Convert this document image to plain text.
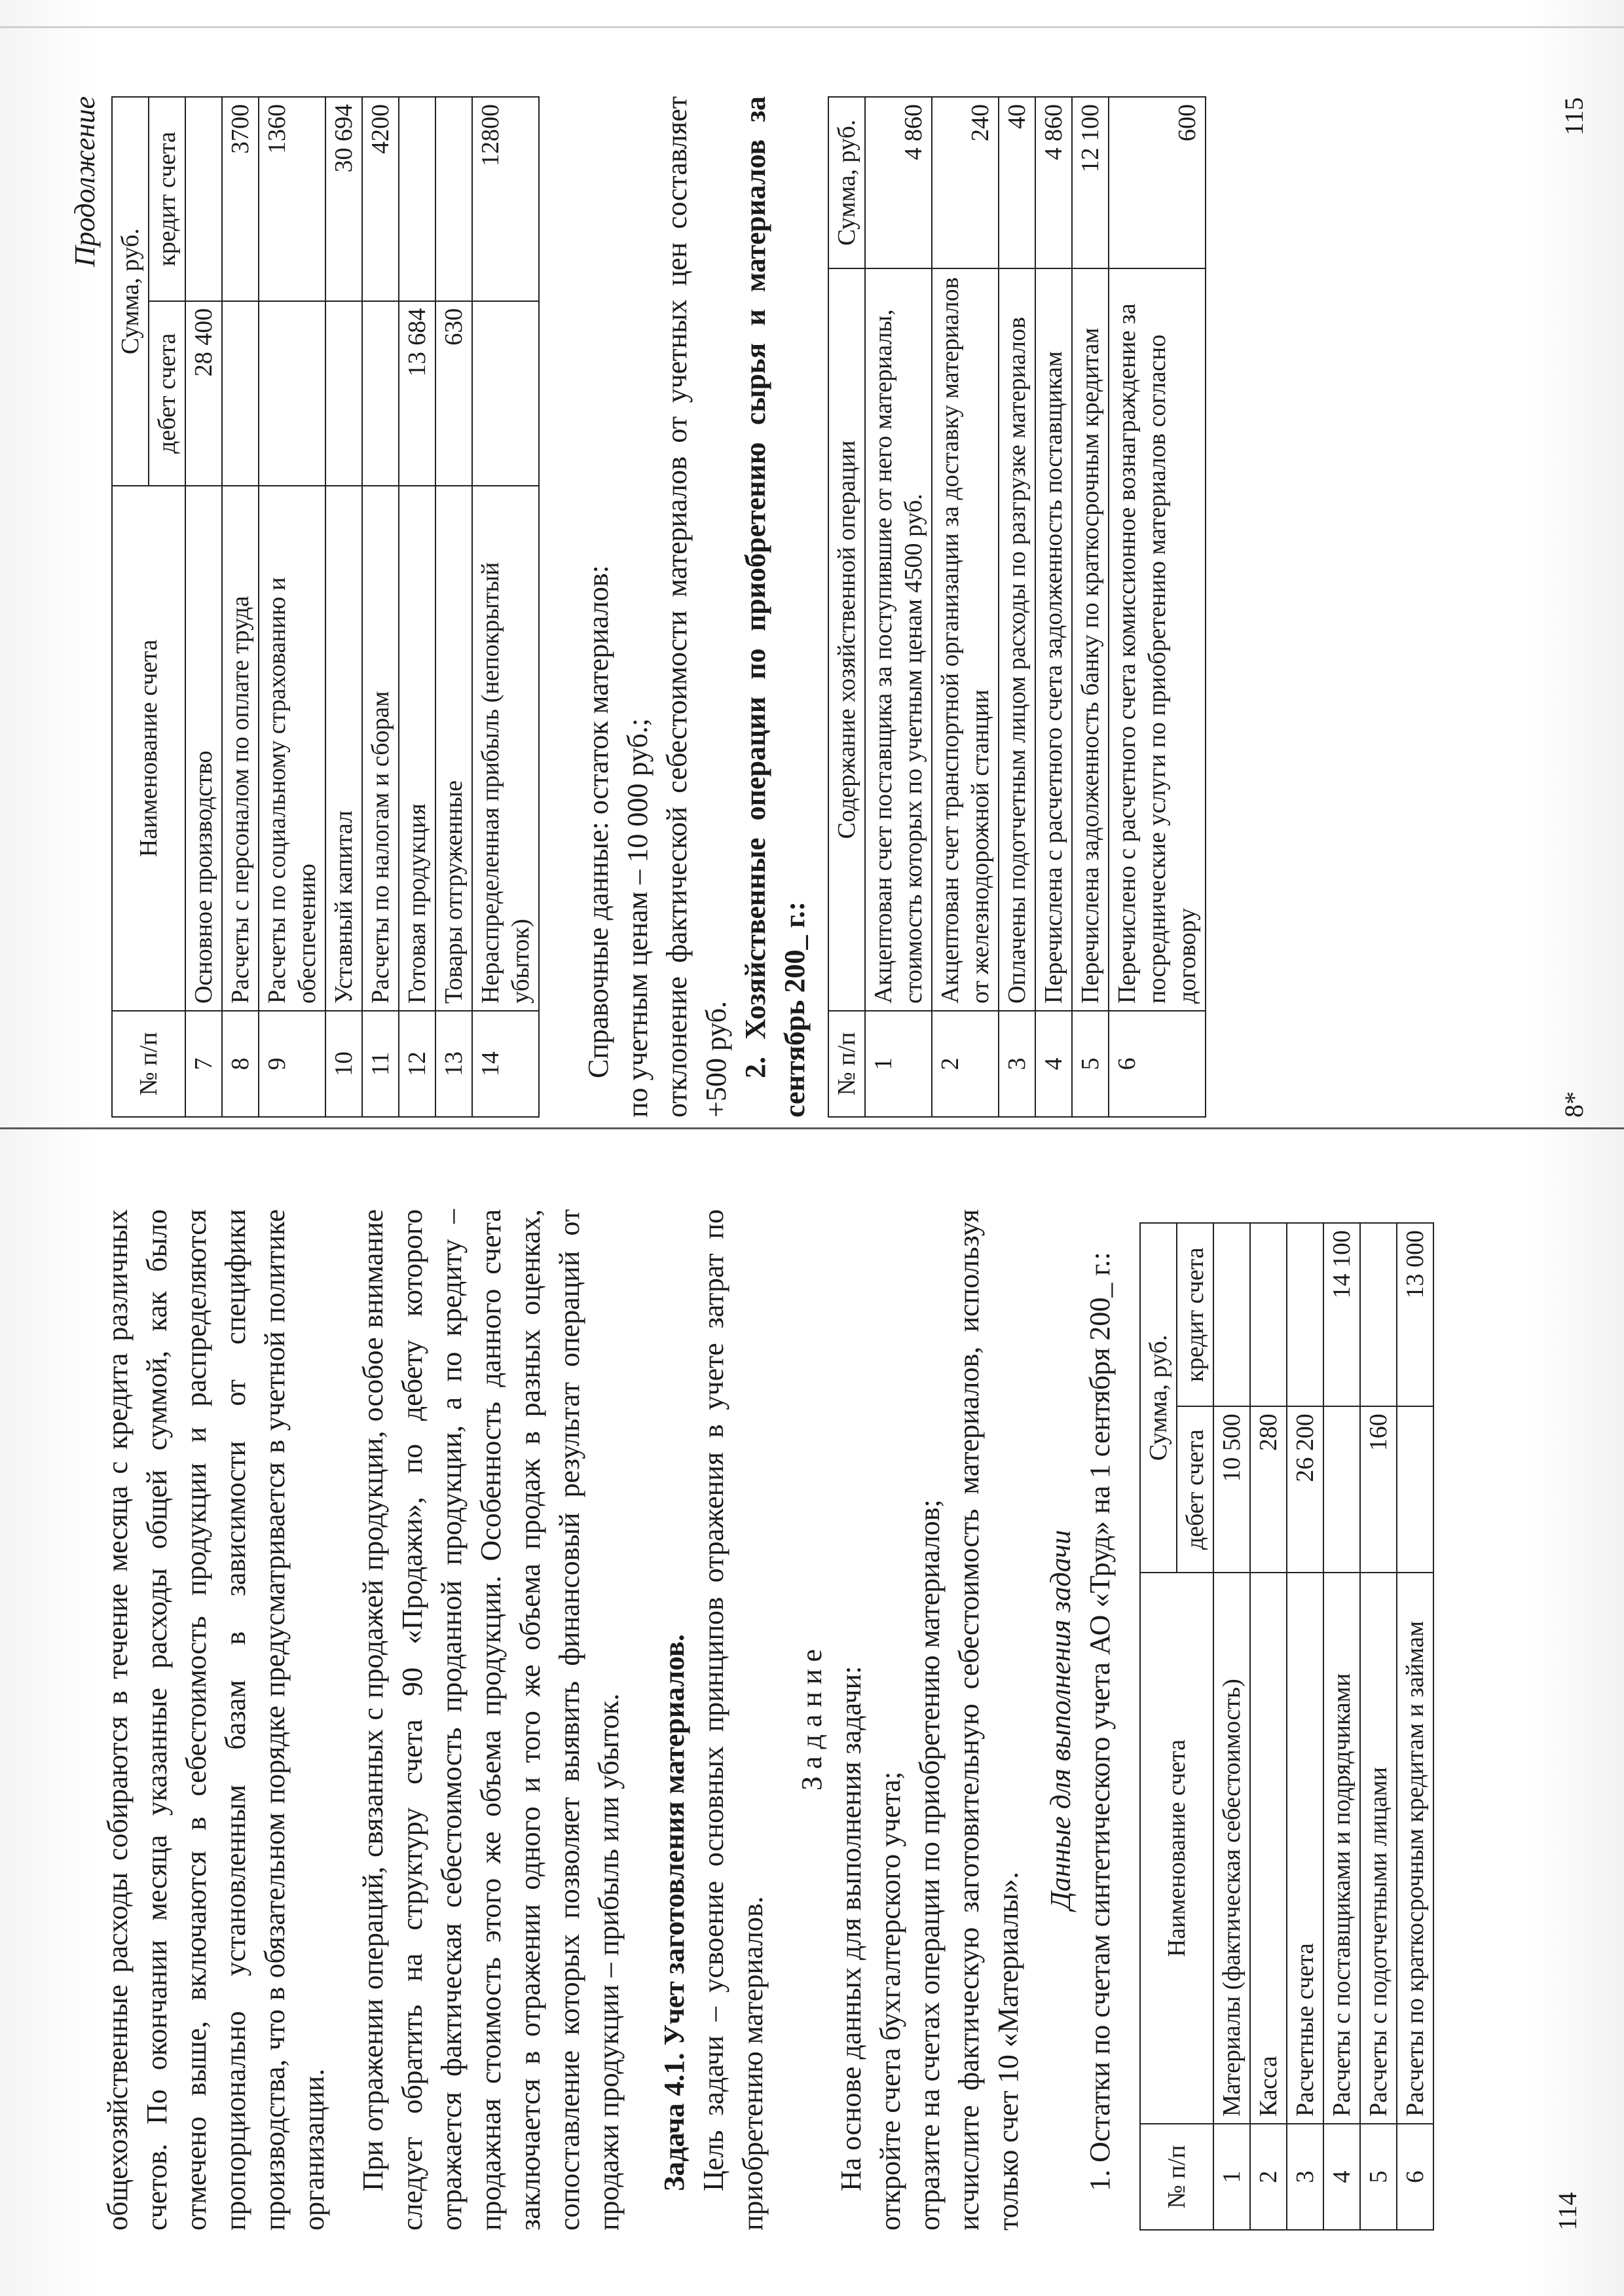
общехозяйственные расходы собираются в течение месяца с кредита различных счетов. По окончании месяца указанные расходы общей суммой, как было отмечено выше, включаются в себестоимость продукции и распределяются пропорционально установленным базам в зависимости от специфики производства, что в обязательном порядке предусматривается в учетной политике организации. При отражении операций, связанных с продажей продукции, особое внимание следует обратить на структуру счета 90 «Продажи», по дебету которого отражается фактическая себестоимость проданной продукции, а по кредиту – продажная стоимость этого же объема продукции. Особенность данного счета заключается в отражении одного и того же объема продаж в разных оценках, сопоставление которых позволяет выявить финансовый результат операций от продажи продукции – прибыль или убыток. Задача 4.1. Учет заготовления материалов. Цель задачи – усвоение основных принципов отражения в учете затрат по приобретению материалов.

З а д а н и е На основе данных для выполнения задачи: откройте счета бухгалтерского учета; отразите на счетах операции по приобретению материалов; исчислите фактическую заготовительную себестоимость материалов, используя только счет 10 «Материалы».

Данные для выполнения задачи 1. Остатки по счетам синтетического учета АО «Труд» на 1 сентября 200_ г.: № п/п	Наименование счета	Сумма, руб.	
		дебет счета	кредит счета
1	Материалы (фактическая себестоимость)	10 500	
2	Касса	280	
3	Расчетные счета	26 200	
4	Расчеты с поставщиками и подрядчиками		14 100
5	Расчеты с подотчетными лицами	160	
6	Расчеты по краткосрочным кредитам и займам		13 000
114

Продолжение

№ п/п	Наименование счета	Сумма, руб.	
		дебет счета	кредит счета
7	Основное производство	28 400	
8	Расчеты с персоналом по оплате труда		3700
9	Расчеты по социальному страхованию и обеспечению		1360
10	Уставный капитал		30 694
11	Расчеты по налогам и сборам		4200
12	Готовая продукция	13 684	
13	Товары отгруженные	630	
14	Нераспределенная прибыль (непокрытый убыток)		12800

Справочные данные: остаток материалов: по учетным ценам – 10 000 руб.; отклонение фактической себестоимости материалов от учетных цен составляет +500 руб. 2. Хозяйственные операции по приобретению сырья и материалов за сентябрь 200_ г.: № п/п	Содержание хозяйственной операции	Сумма, руб.
1	Акцептован счет поставщика за поступившие от него материалы, стоимость которых по учетным ценам 4500 руб.	4 860
2	Акцептован счет транспортной организации за доставку материалов от железнодорожной станции	240
3	Оплачены подотчетным лицом расходы по разгрузке материалов	40
4	Перечислена с расчетного счета задолженность поставщикам	4 860
5	Перечислена задолженность банку по краткосрочным кредитам	12 100
6	Перечислено с расчетного счета комиссионное вознаграждение за посреднические услуги по приобретению материалов согласно договору	600
8*
115
